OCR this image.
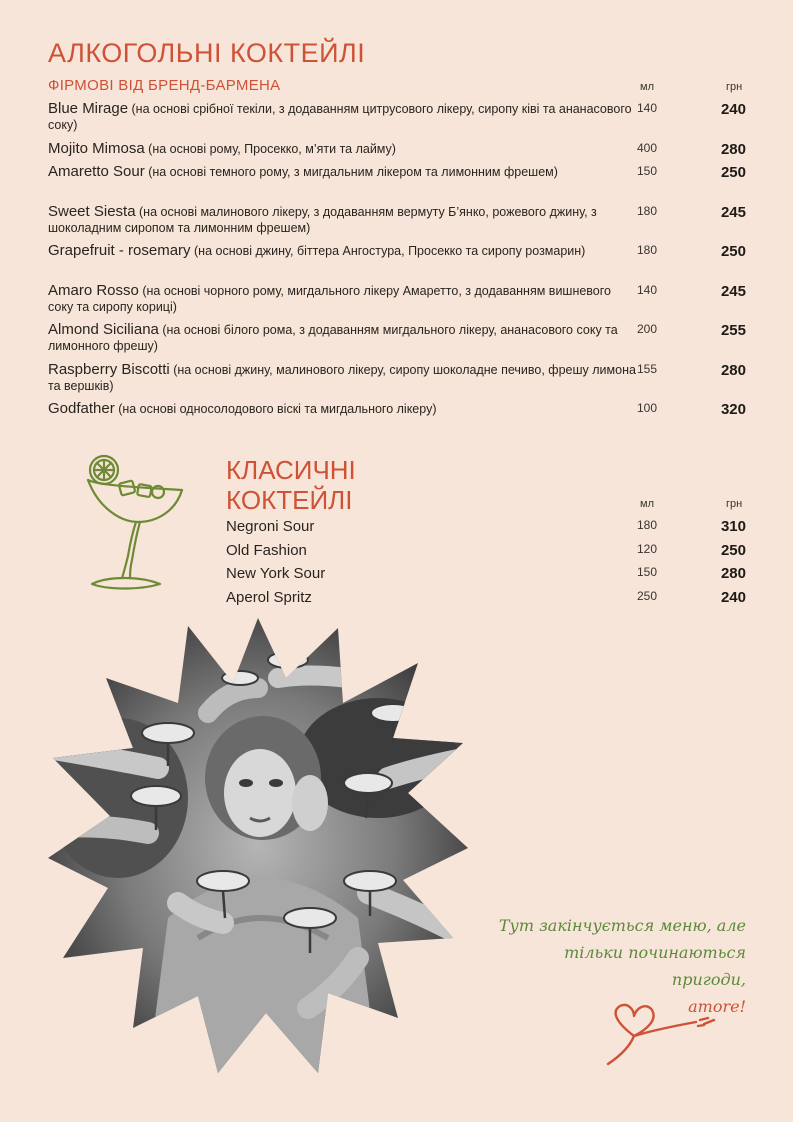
АЛКОГОЛЬНІ КОКТЕЙЛІ
ФІРМОВІ ВІД БРЕНД-БАРМЕНА	мл	грн
Blue Mirage (на основі срібної текіли, з додаванням цитрусового лікеру, сиропу ківі та ананасового соку)
140	240
Mojito Mimosa (на основі рому, Просекко, м’яти та лайму)	400	280
Amaretto Sour (на основі темного рому, з мигдальним лікером та лимонним фрешем)	150	250
Sweet Siesta (на основі малинового лікеру, з додаванням вермуту Б’янко, рожевого джину, з шоколадним сиропом та лимонним фрешем)
180	245
Grapefruit - rosemary (на основі джину, біттера Ангостура, Просекко та сиропу розмарин)	180	250
Amaro Rosso (на основі чорного рому, мигдального лікеру Амаретто, з додаванням вишневого соку та сиропу кориці)
140	245
Almond Siciliana (на основі білого рома, з додаванням мигдального лікеру, ананасового соку та лимонного фрешу)
200	255
Raspberry Biscotti (на основі джину, малинового лікеру, сиропу шоколадне печиво, фрешу лимона та вершків)
155	280
Godfather (на основі односолодового віскі та мигдального лікеру)	100	320
КЛАСИЧНІ
КОКТЕЙЛІ	мл	грн
Negroni Sour	180	310
Old Fashion	120	250
New York Sour	150	280
Aperol Spritz	250	240
Тут закінчується меню, але
тільки починаються пригоди,
amore!
